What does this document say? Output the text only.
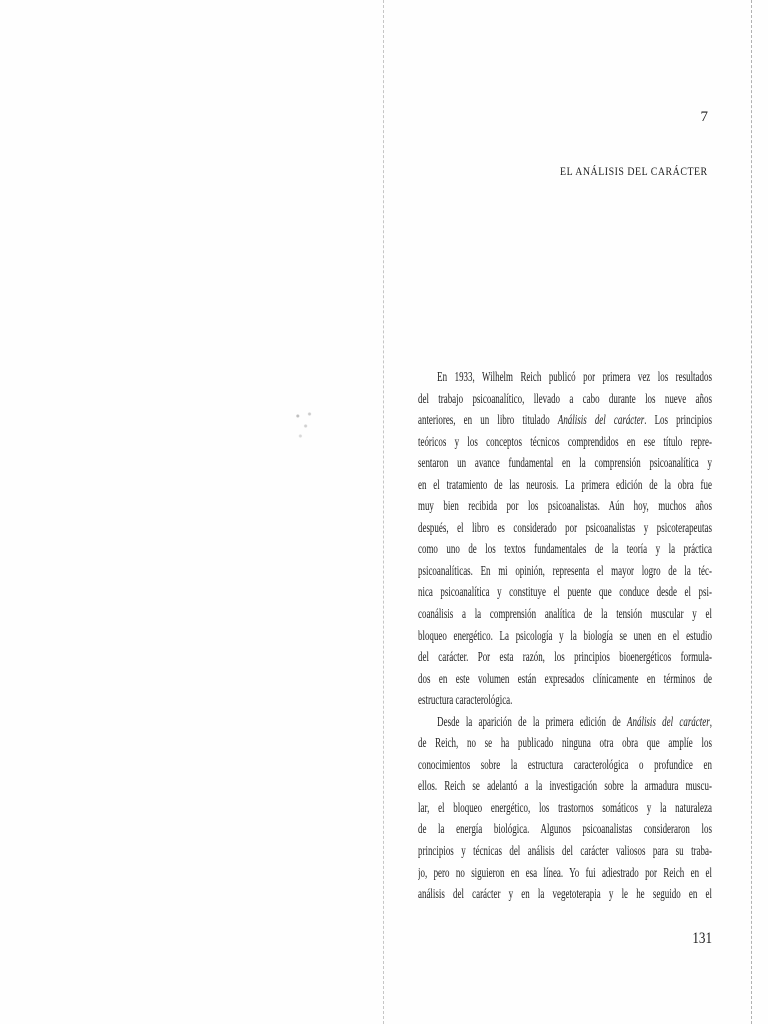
7
EL ANÁLISIS DEL CARÁCTER
En 1933, Wilhelm Reich publicó por primera vez los resultados
del trabajo psicoanalítico, llevado a cabo durante los nueve años
anteriores, en un libro titulado Análisis del carácter. Los principios
teóricos y los conceptos técnicos comprendidos en ese título repre-
sentaron un avance fundamental en la comprensión psicoanalítica y
en el tratamiento de las neurosis. La primera edición de la obra fue
muy bien recibida por los psicoanalistas. Aún hoy, muchos años
después, el libro es considerado por psicoanalistas y psicoterapeutas
como uno de los textos fundamentales de la teoría y la práctica
psicoanalíticas. En mi opinión, representa el mayor logro de la téc-
nica psicoanalítica y constituye el puente que conduce desde el psi-
coanálisis a la comprensión analítica de la tensión muscular y el
bloqueo energético. La psicología y la biología se unen en el estudio
del carácter. Por esta razón, los principios bioenergéticos formula-
dos en este volumen están expresados clínicamente en términos de
estructura caracterológica.
Desde la aparición de la primera edición de Análisis del carácter,
de Reich, no se ha publicado ninguna otra obra que amplíe los
conocimientos sobre la estructura caracterológica o profundice en
ellos. Reich se adelantó a la investigación sobre la armadura muscu-
lar, el bloqueo energético, los trastornos somáticos y la naturaleza
de la energía biológica. Algunos psicoanalistas consideraron los
principios y técnicas del análisis del carácter valiosos para su traba-
jo, pero no siguieron en esa línea. Yo fui adiestrado por Reich en el
análisis del carácter y en la vegetoterapia y le he seguido en el
131
